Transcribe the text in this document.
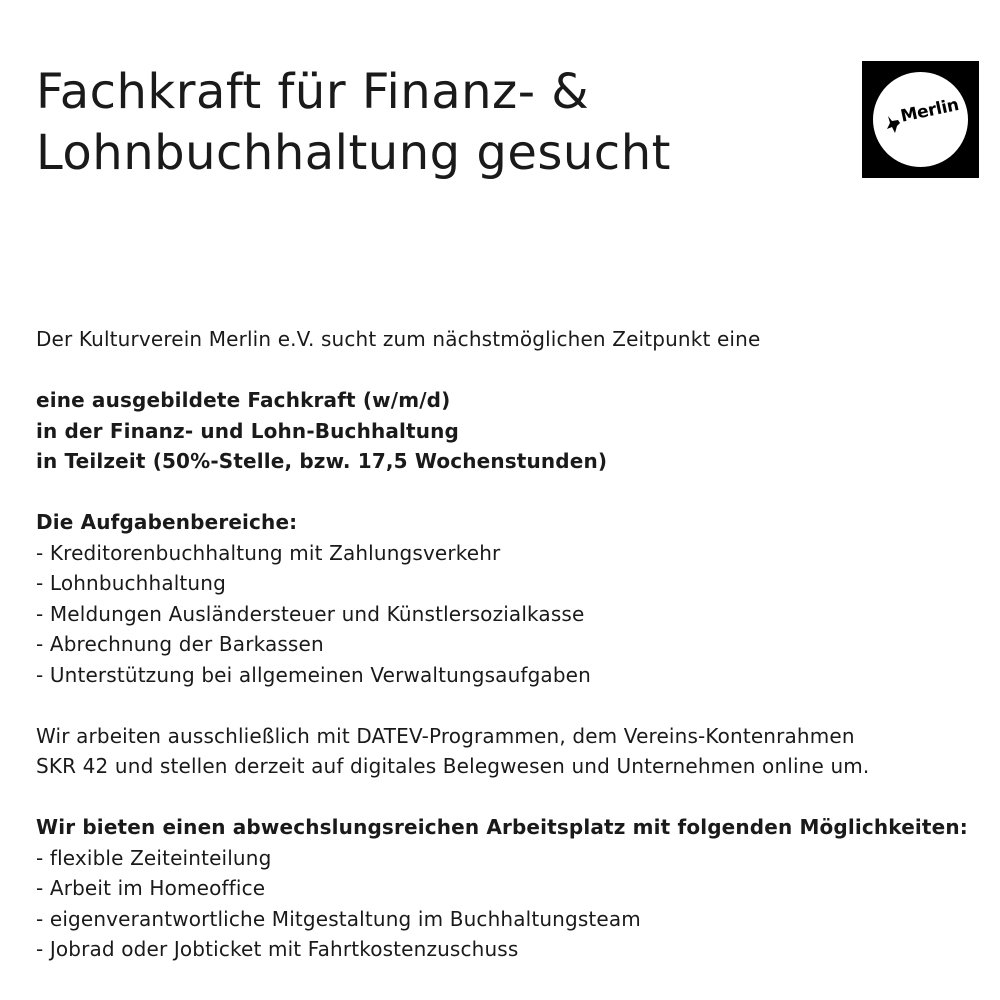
Fachkraft für Finanz- &
Lohnbuchhaltung gesucht
Merlin

Der Kulturverein Merlin e.V. sucht zum nächstmöglichen Zeitpunkt eine

eine ausgebildete Fachkraft (w/m/d)
in der Finanz- und Lohn-Buchhaltung
in Teilzeit (50%-Stelle, bzw. 17,5 Wochenstunden)

Die Aufgabenbereiche:

- Kreditorenbuchhaltung mit Zahlungsverkehr
- Lohnbuchhaltung
- Meldungen Ausländersteuer und Künstlersozialkasse
- Abrechnung der Barkassen
- Unterstützung bei allgemeinen Verwaltungsaufgaben

Wir arbeiten ausschließlich mit DATEV-Programmen, dem Vereins-Kontenrahmen
SKR 42 und stellen derzeit auf digitales Belegwesen und Unternehmen online um.

Wir bieten einen abwechslungsreichen Arbeitsplatz mit folgenden Möglichkeiten:

- flexible Zeiteinteilung
- Arbeit im Homeoffice
- eigenverantwortliche Mitgestaltung im Buchhaltungsteam
- Jobrad oder Jobticket mit Fahrtkostenzuschuss
